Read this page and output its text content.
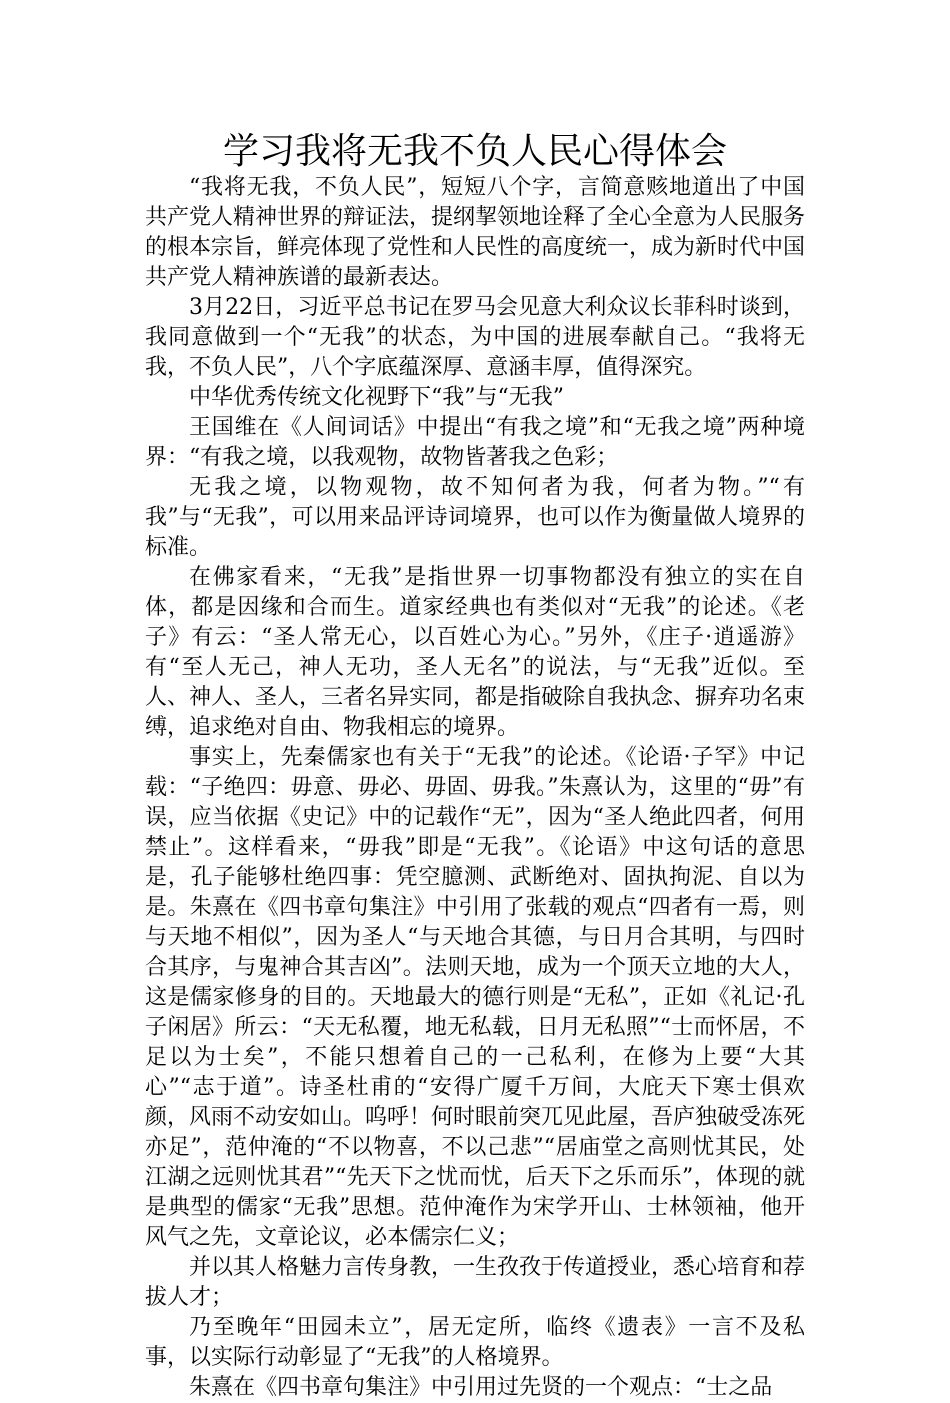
学习我将无我不负人民心得体会

“我将无我，不负人民”，短短八个字，言简意赅地道出了中国共产党人精神世界的辩证法，提纲挈领地诠释了全心全意为人民服务的根本宗旨，鲜亮体现了党性和人民性的高度统一，成为新时代中国共产党人精神族谱的最新表达。

3月22日，习近平总书记在罗马会见意大利众议长菲科时谈到，我同意做到一个“无我”的状态，为中国的进展奉献自己。“我将无我，不负人民”，八个字底蕴深厚、意涵丰厚，值得深究。

中华优秀传统文化视野下“我”与“无我”

王国维在《人间词话》中提出“有我之境”和“无我之境”两种境界：“有我之境，以我观物，故物皆著我之色彩；

无我之境，以物观物，故不知何者为我，何者为物。”“有我”与“无我”，可以用来品评诗词境界，也可以作为衡量做人境界的标准。

在佛家看来，“无我”是指世界一切事物都没有独立的实在自体，都是因缘和合而生。道家经典也有类似对“无我”的论述。《老子》有云：“圣人常无心，以百姓心为心。”另外，《庄子·逍遥游》有“至人无己，神人无功，圣人无名”的说法，与“无我”近似。至人、神人、圣人，三者名异实同，都是指破除自我执念、摒弃功名束缚，追求绝对自由、物我相忘的境界。

事实上，先秦儒家也有关于“无我”的论述。《论语·子罕》中记载：“子绝四：毋意、毋必、毋固、毋我。”朱熹认为，这里的“毋”有误，应当依据《史记》中的记载作“无”，因为“圣人绝此四者，何用禁止”。这样看来，“毋我”即是“无我”。《论语》中这句话的意思是，孔子能够杜绝四事：凭空臆测、武断绝对、固执拘泥、自以为是。朱熹在《四书章句集注》中引用了张载的观点“四者有一焉，则与天地不相似”，因为圣人“与天地合其德，与日月合其明，与四时合其序，与鬼神合其吉凶”。法则天地，成为一个顶天立地的大人，这是儒家修身的目的。天地最大的德行则是“无私”，正如《礼记·孔子闲居》所云：“天无私覆，地无私载，日月无私照”“士而怀居，不足以为士矣”，不能只想着自己的一己私利，在修为上要“大其心”“志于道”。诗圣杜甫的“安得广厦千万间，大庇天下寒士俱欢颜，风雨不动安如山。呜呼！何时眼前突兀见此屋，吾庐独破受冻死亦足”，范仲淹的“不以物喜，不以己悲”“居庙堂之高则忧其民，处江湖之远则忧其君”“先天下之忧而忧，后天下之乐而乐”，体现的就是典型的儒家“无我”思想。范仲淹作为宋学开山、士林领袖，他开风气之先，文章论议，必本儒宗仁义；

并以其人格魅力言传身教，一生孜孜于传道授业，悉心培育和荐拔人才；

乃至晚年“田园未立”，居无定所，临终《遗表》一言不及私事，以实际行动彰显了“无我”的人格境界。

朱熹在《四书章句集注》中引用过先贤的一个观点：“士之品
